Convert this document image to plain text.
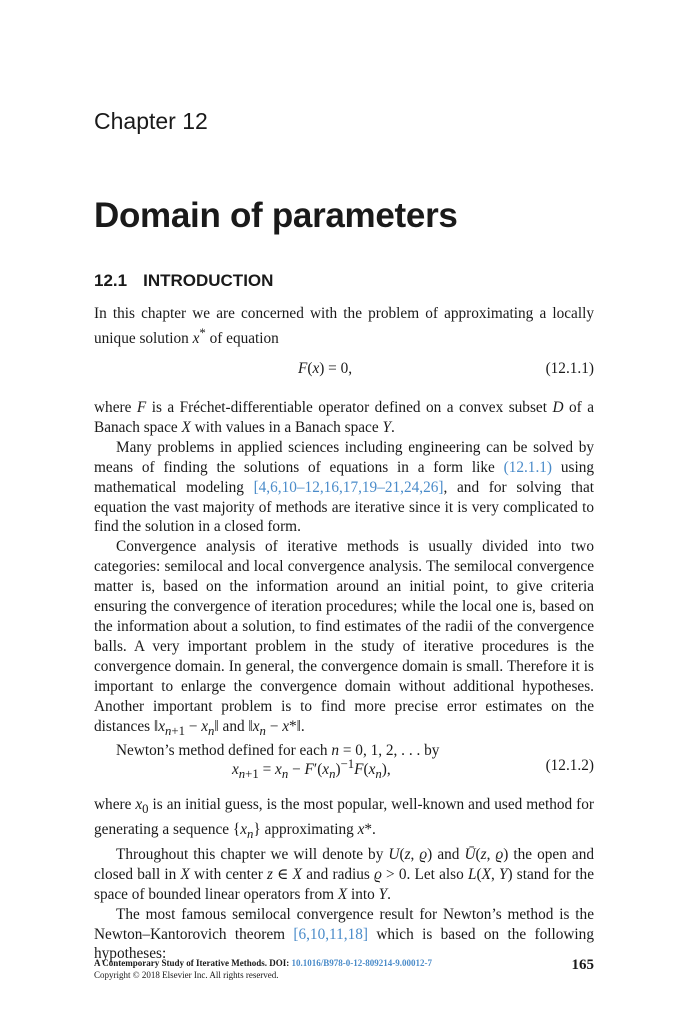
Chapter 12
Domain of parameters
12.1 INTRODUCTION

In this chapter we are concerned with the problem of approximating a locally unique solution x* of equation

F(x) = 0,	(12.1.1)

where F is a Fréchet-differentiable operator defined on a convex subset D of a Banach space X with values in a Banach space Y.

Many problems in applied sciences including engineering can be solved by means of finding the solutions of equations in a form like (12.1.1) using mathematical modeling [4,6,10–12,16,17,19–21,24,26], and for solving that equation the vast majority of methods are iterative since it is very complicated to find the solution in a closed form.

Convergence analysis of iterative methods is usually divided into two categories: semilocal and local convergence analysis. The semilocal convergence matter is, based on the information around an initial point, to give criteria ensuring the convergence of iteration procedures; while the local one is, based on the information about a solution, to find estimates of the radii of the convergence balls. A very important problem in the study of iterative procedures is the convergence domain. In general, the convergence domain is small. Therefore it is important to enlarge the convergence domain without additional hypotheses. Another important problem is to find more precise error estimates on the distances $‖x_{n+1}$ − $x_n‖$ and $‖x_n$ − x*‖.

Newton’s method defined for each n = 0, 1, 2, . . . by

$x_{n+1} = x_n - F'(x_n)^{-1}F(x_n)$,	(12.1.2)

where $x_0$ is an initial guess, is the most popular, well-known and used method for generating a sequence $\{x_n\}$ approximating x*.

Throughout this chapter we will denote by U(z, ϱ) and Ū(z, ϱ) the open and closed ball in X with center z ∈ X and radius ϱ > 0. Let also L(X, Y) stand for the space of bounded linear operators from X into Y.

The most famous semilocal convergence result for Newton’s method is the Newton–Kantorovich theorem [6,10,11,18] which is based on the following hypotheses:

A Contemporary Study of Iterative Methods. DOI: 10.1016/B978-0-12-809214-9.00012-7
Copyright © 2018 Elsevier Inc. All rights reserved.
165
